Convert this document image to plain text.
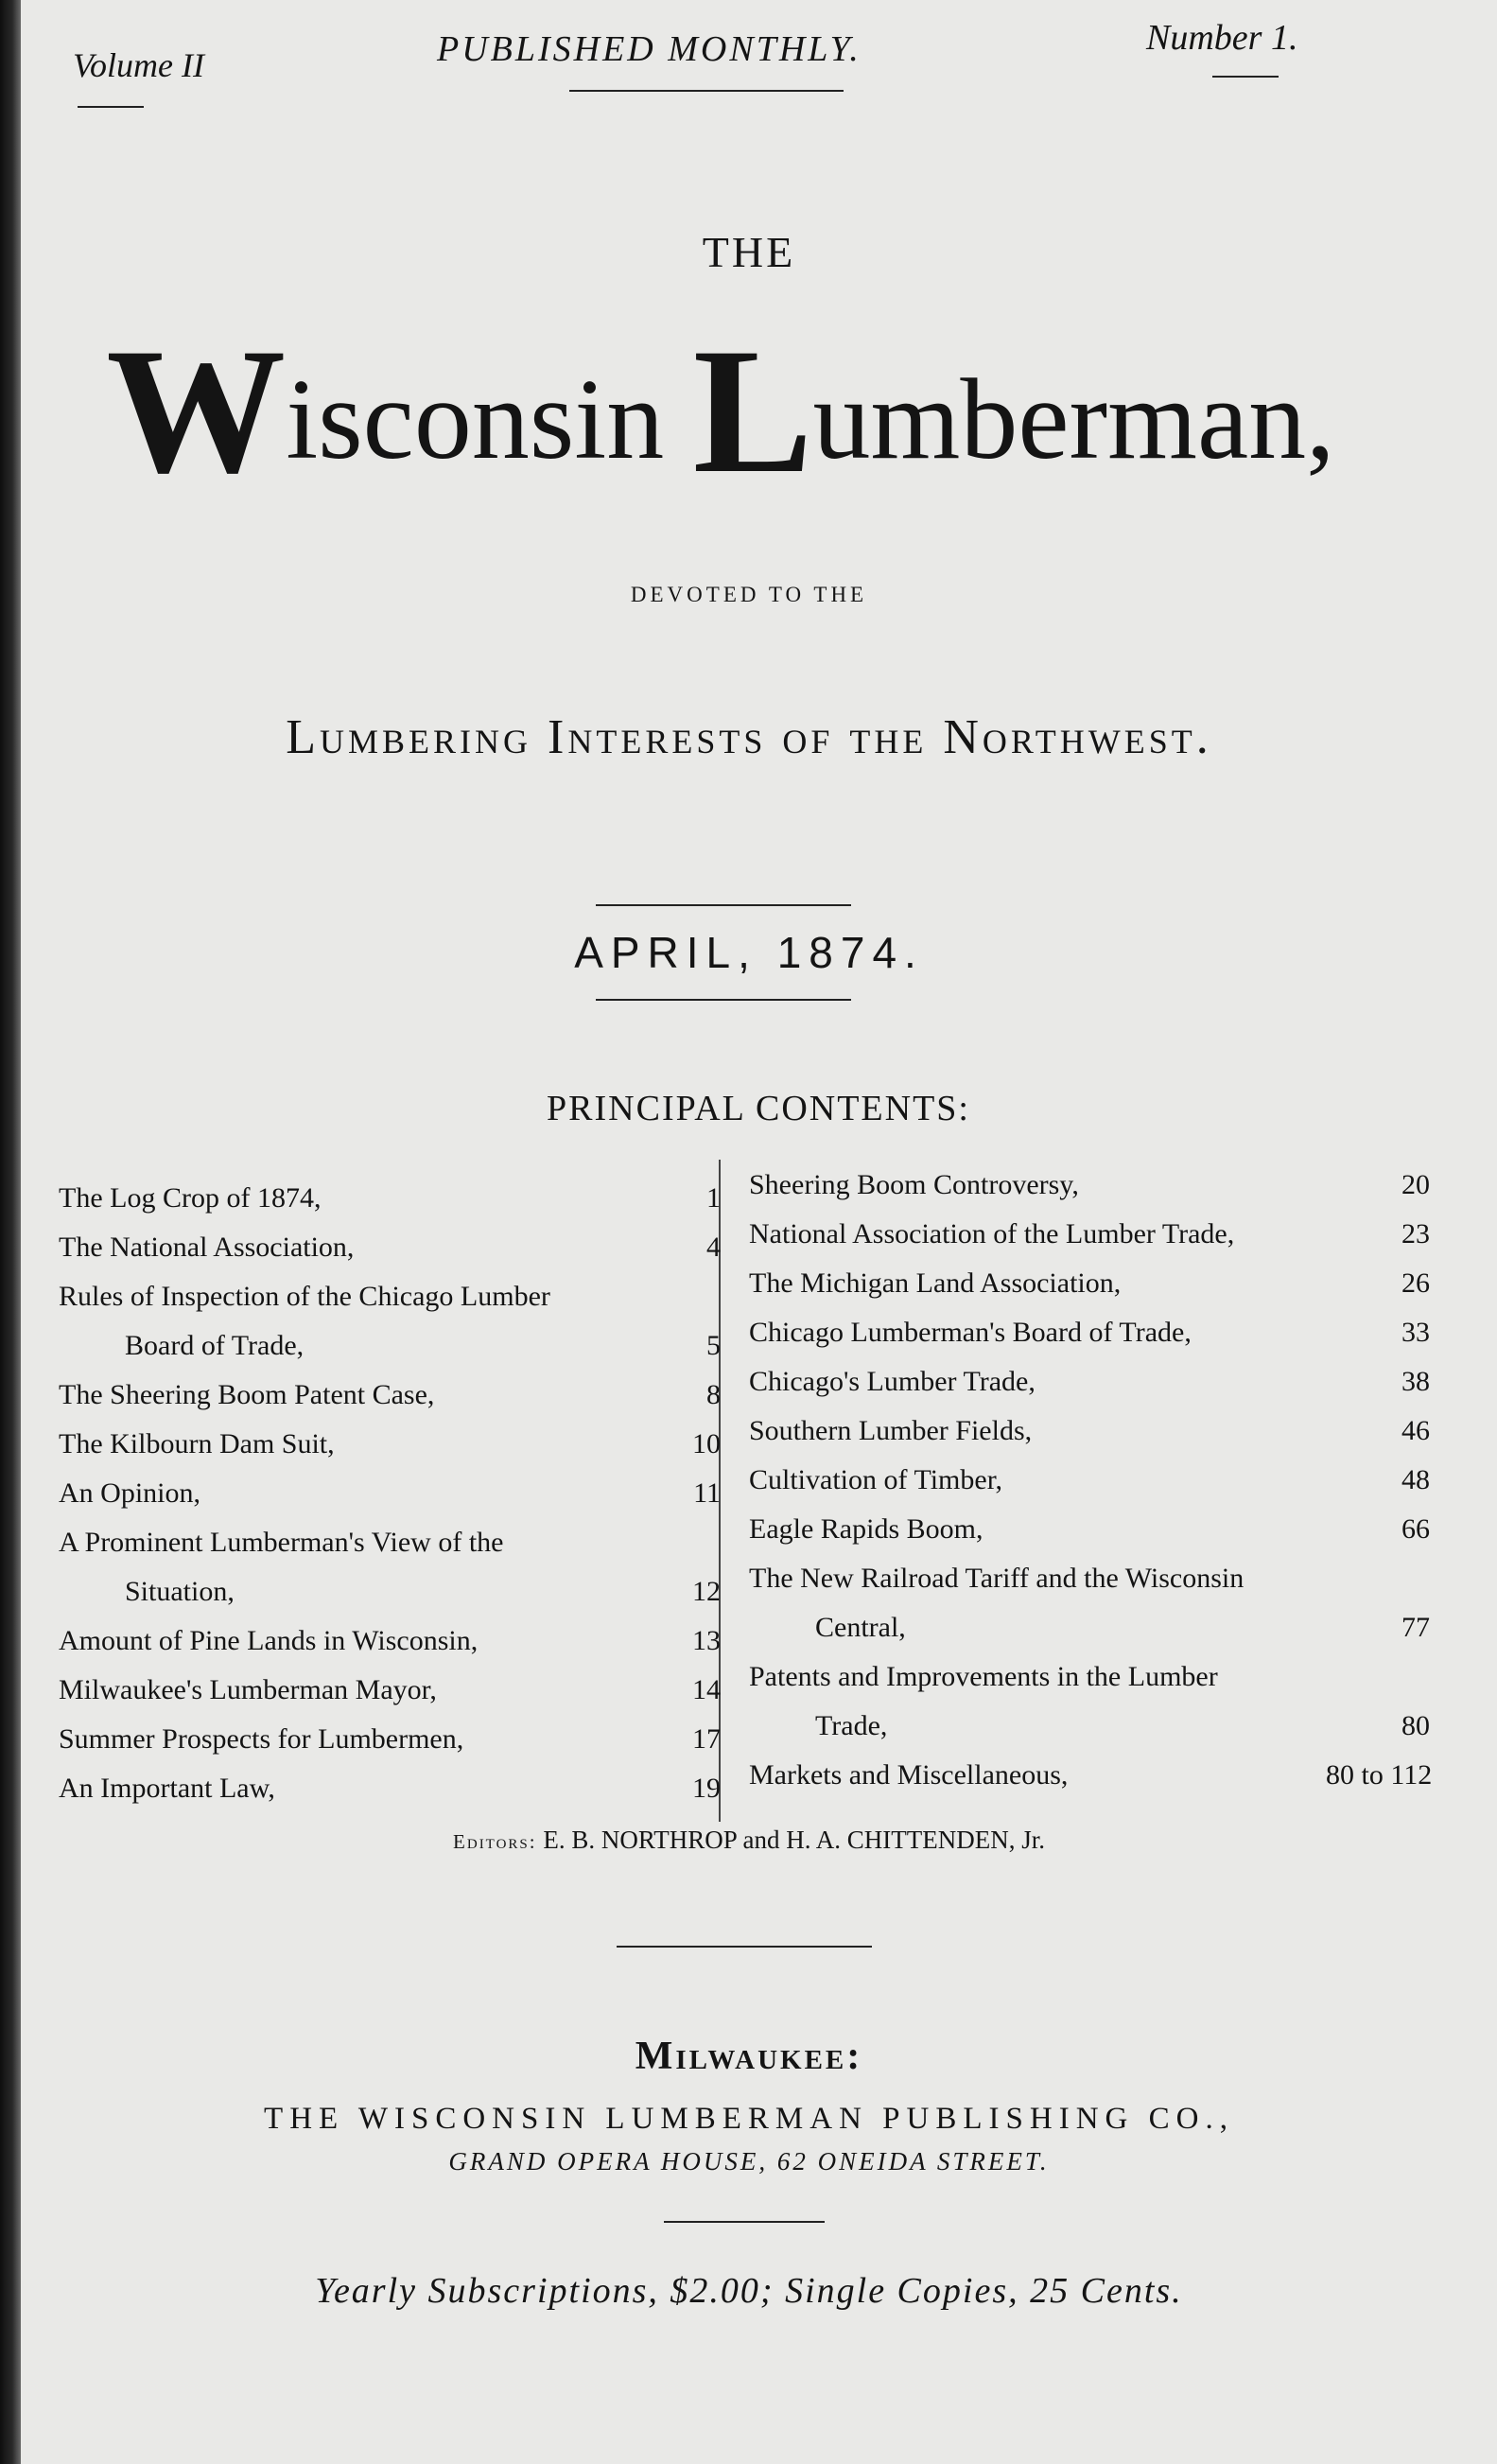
Volume II	PUBLISHED MONTHLY.	Number 1.
THE
Wisconsin Lumberman,
DEVOTED TO THE
Lumbering Interests of the Northwest.
APRIL, 1874.
PRINCIPAL CONTENTS:
The Log Crop of 1874,	1
The National Association,	4
Rules of Inspection of the Chicago Lumber
Board of Trade,	5
The Sheering Boom Patent Case,	8
The Kilbourn Dam Suit,	10
An Opinion,	11
A Prominent Lumberman's View of the
Situation,	12
Amount of Pine Lands in Wisconsin,	13
Milwaukee's Lumberman Mayor,	14
Summer Prospects for Lumbermen,	17
An Important Law,	19
Sheering Boom Controversy,	20
National Association of the Lumber Trade,	23
The Michigan Land Association,	26
Chicago Lumberman's Board of Trade,	33
Chicago's Lumber Trade,	38
Southern Lumber Fields,	46
Cultivation of Timber,	48
Eagle Rapids Boom,	66
The New Railroad Tariff and the Wisconsin
Central,	77
Patents and Improvements in the Lumber
Trade,	80
Markets and Miscellaneous,	80 to 112
Editors: E. B. NORTHROP and H. A. CHITTENDEN, Jr.
Milwaukee:
THE WISCONSIN LUMBERMAN PUBLISHING CO.,
GRAND OPERA HOUSE, 62 ONEIDA STREET.
Yearly Subscriptions, $2.00; Single Copies, 25 Cents.
